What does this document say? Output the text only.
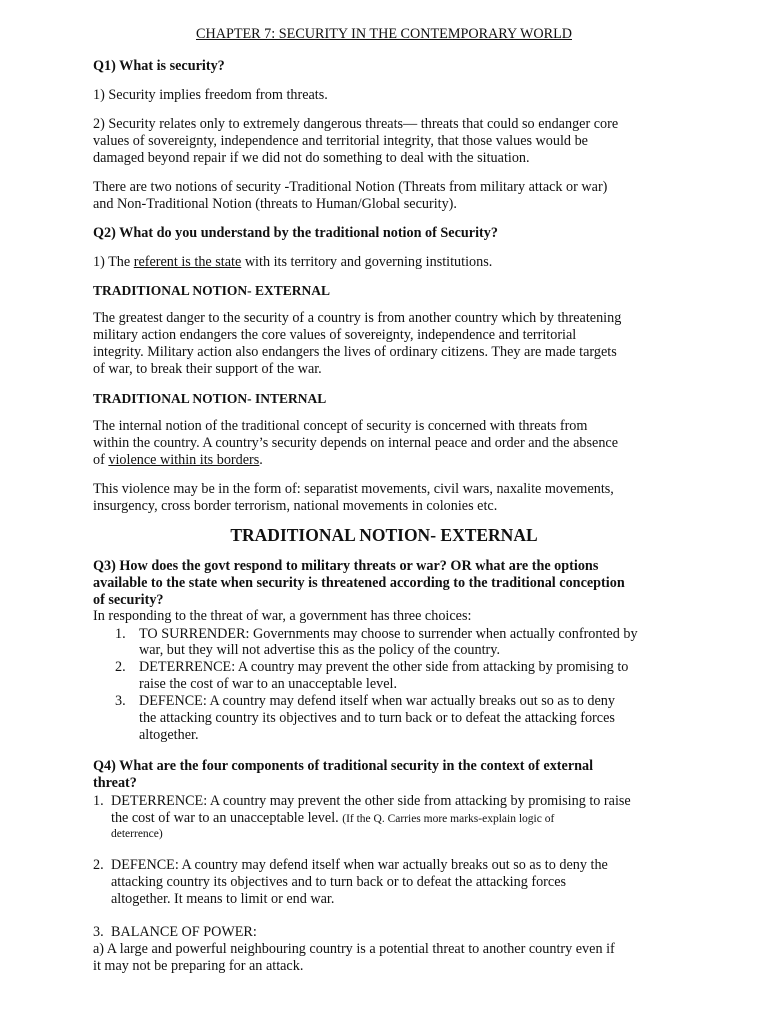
CHAPTER 7: SECURITY IN THE CONTEMPORARY WORLD
Q1) What is security?
1) Security implies freedom from threats.
2) Security relates only to extremely dangerous threats— threats that could so endanger core
values of sovereignty, independence and territorial integrity, that those values would be
damaged beyond repair if we did not do something to deal with the situation.
There are two notions of security -Traditional Notion (Threats from military attack or war)
and Non-Traditional Notion (threats to Human/Global security).
Q2) What do you understand by the traditional notion of Security?
1) The referent is the state with its territory and governing institutions.
TRADITIONAL NOTION- EXTERNAL
The greatest danger to the security of a country is from another country which by threatening
military action endangers the core values of sovereignty, independence and territorial
integrity. Military action also endangers the lives of ordinary citizens. They are made targets
of war, to break their support of the war.
TRADITIONAL NOTION- INTERNAL
The internal notion of the traditional concept of security is concerned with threats from
within the country. A country’s security depends on internal peace and order and the absence
of violence within its borders.
This violence may be in the form of: separatist movements, civil wars, naxalite movements,
insurgency, cross border terrorism, national movements in colonies etc.
TRADITIONAL NOTION- EXTERNAL
Q3) How does the govt respond to military threats or war? OR what are the options
available to the state when security is threatened according to the traditional conception
of security?
In responding to the threat of war, a government has three choices:
1. TO SURRENDER: Governments may choose to surrender when actually confronted by
war, but they will not advertise this as the policy of the country.
2. DETERRENCE: A country may prevent the other side from attacking by promising to
raise the cost of war to an unacceptable level.
3. DEFENCE: A country may defend itself when war actually breaks out so as to deny
the attacking country its objectives and to turn back or to defeat the attacking forces
altogether.
Q4) What are the four components of traditional security in the context of external
threat?
1. DETERRENCE: A country may prevent the other side from attacking by promising to raise
the cost of war to an unacceptable level. (If the Q. Carries more marks-explain logic of
deterrence)
2. DEFENCE: A country may defend itself when war actually breaks out so as to deny the
attacking country its objectives and to turn back or to defeat the attacking forces
altogether. It means to limit or end war.
3. BALANCE OF POWER:
a) A large and powerful neighbouring country is a potential threat to another country even if
it may not be preparing for an attack.
